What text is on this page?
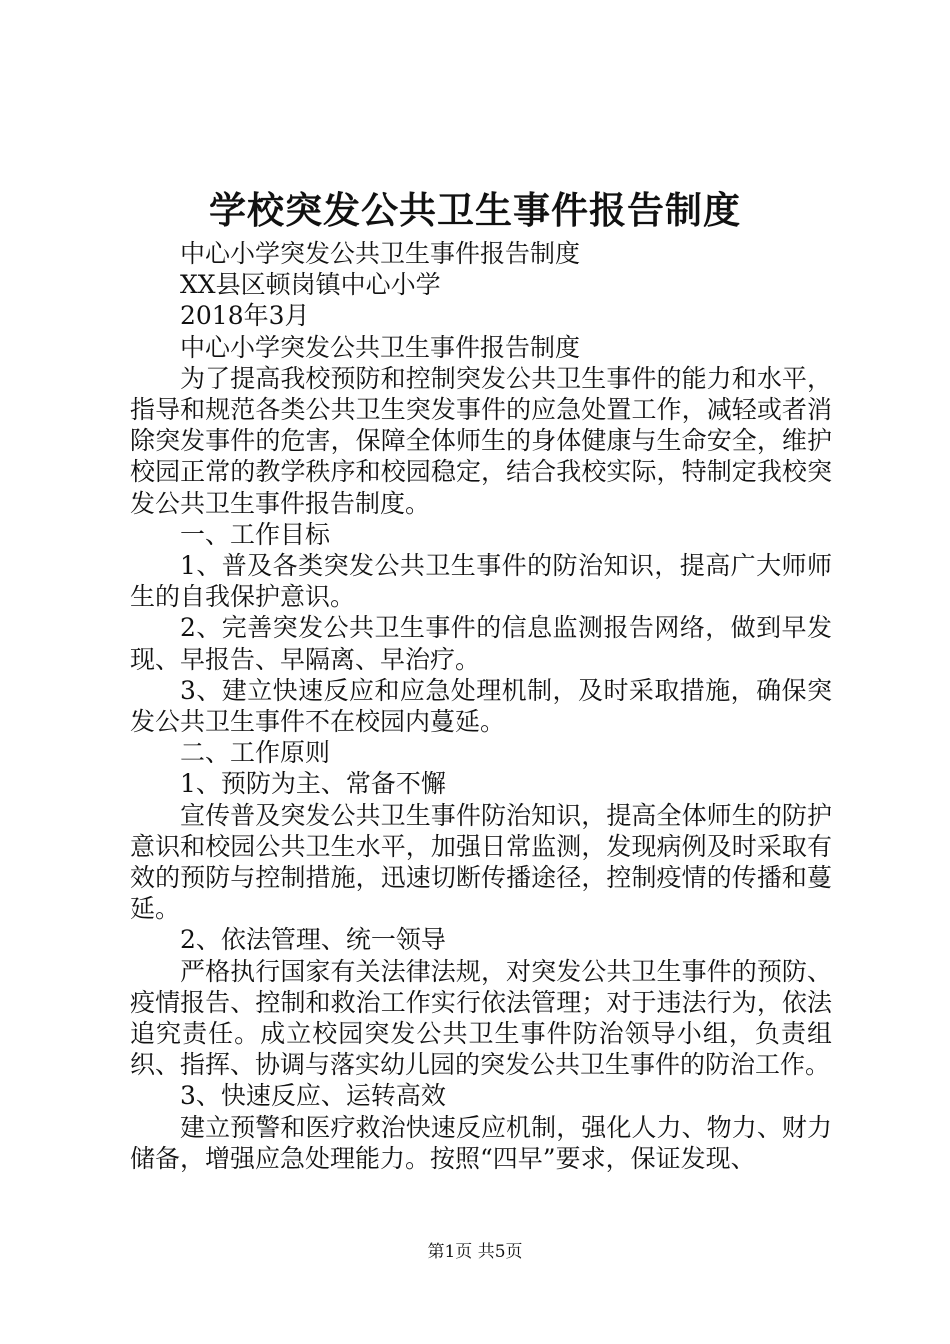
学校突发公共卫生事件报告制度

中心小学突发公共卫生事件报告制度

XX县区顿岗镇中心小学

2018年3月

中心小学突发公共卫生事件报告制度

为了提高我校预防和控制突发公共卫生事件的能力和水平，指导和规范各类公共卫生突发事件的应急处置工作，减轻或者消除突发事件的危害，保障全体师生的身体健康与生命安全，维护校园正常的教学秩序和校园稳定，结合我校实际，特制定我校突发公共卫生事件报告制度。

一、工作目标

1、普及各类突发公共卫生事件的防治知识，提高广大师师生的自我保护意识。

2、完善突发公共卫生事件的信息监测报告网络，做到早发现、早报告、早隔离、早治疗。

3、建立快速反应和应急处理机制，及时采取措施，确保突发公共卫生事件不在校园内蔓延。

二、工作原则

1、预防为主、常备不懈

宣传普及突发公共卫生事件防治知识，提高全体师生的防护意识和校园公共卫生水平，加强日常监测，发现病例及时采取有效的预防与控制措施，迅速切断传播途径，控制疫情的传播和蔓延。

2、依法管理、统一领导

严格执行国家有关法律法规，对突发公共卫生事件的预防、疫情报告、控制和救治工作实行依法管理；对于违法行为，依法追究责任。成立校园突发公共卫生事件防治领导小组，负责组织、指挥、协调与落实幼儿园的突发公共卫生事件的防治工作。

3、快速反应、运转高效

建立预警和医疗救治快速反应机制，强化人力、物力、财力储备，增强应急处理能力。按照“四早”要求，保证发现、

第1页 共5页
